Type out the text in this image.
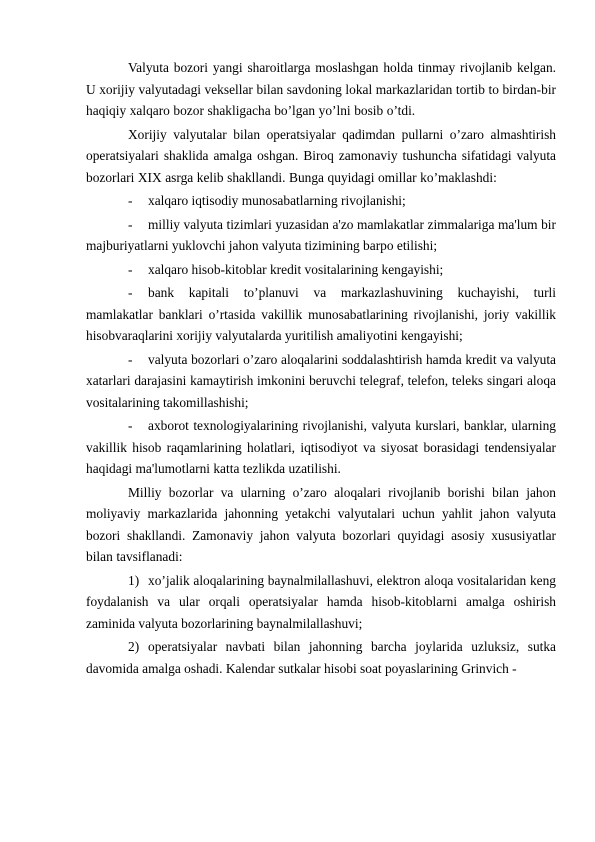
Valyuta bozori yangi sharoitlarga moslashgan holda tinmay rivojlanib kelgan. U xorijiy valyutadagi veksellar bilan savdoning lokal markazlaridan tortib to birdan-bir haqiqiy xalqaro bozor shakligacha bo’lgan yo’lni bosib o’tdi.

Xorijiy valyutalar bilan operatsiyalar qadimdan pullarni o’zaro almashtirish operatsiyalari shaklida amalga oshgan. Biroq zamonaviy tushuncha sifatidagi valyuta bozorlari XIX asrga kelib shakllandi. Bunga quyidagi omillar ko’maklashdi:

- xalqaro iqtisodiy munosabatlarning rivojlanishi;

- milliy valyuta tizimlari yuzasidan a'zo mamlakatlar zimmalariga ma'lum bir majburiyatlarni yuklovchi jahon valyuta tizimining barpo etilishi;

- xalqaro hisob-kitoblar kredit vositalarining kengayishi;

- bank kapitali to’planuvi va markazlashuvining kuchayishi, turli mamlakatlar banklari o’rtasida vakillik munosabatlarining rivojlanishi, joriy vakillik hisobvaraqlarini xorijiy valyutalarda yuritilish amaliyotini kengayishi;

- valyuta bozorlari o’zaro aloqalarini soddalashtirish hamda kredit va valyuta xatarlari darajasini kamaytirish imkonini beruvchi telegraf, telefon, teleks singari aloqa vositalarining takomillashishi;

- axborot texnologiyalarining rivojlanishi, valyuta kurslari, banklar, ularning vakillik hisob raqamlarining holatlari, iqtisodiyot va siyosat borasidagi tendensiyalar haqidagi ma'lumotlarni katta tezlikda uzatilishi.

Milliy bozorlar va ularning o’zaro aloqalari rivojlanib borishi bilan jahon moliyaviy markazlarida jahonning yetakchi valyutalari uchun yahlit jahon valyuta bozori shakllandi. Zamonaviy jahon valyuta bozorlari quyidagi asosiy xususiyatlar bilan tavsiflanadi:

1) xo’jalik aloqalarining baynalmilallashuvi, elektron aloqa vositalaridan keng foydalanish va ular orqali operatsiyalar hamda hisob-kitoblarni amalga oshirish zaminida valyuta bozorlarining baynalmilallashuvi;

2) operatsiyalar navbati bilan jahonning barcha joylarida uzluksiz, sutka davomida amalga oshadi. Kalendar sutkalar hisobi soat poyaslarining Grinvich -
